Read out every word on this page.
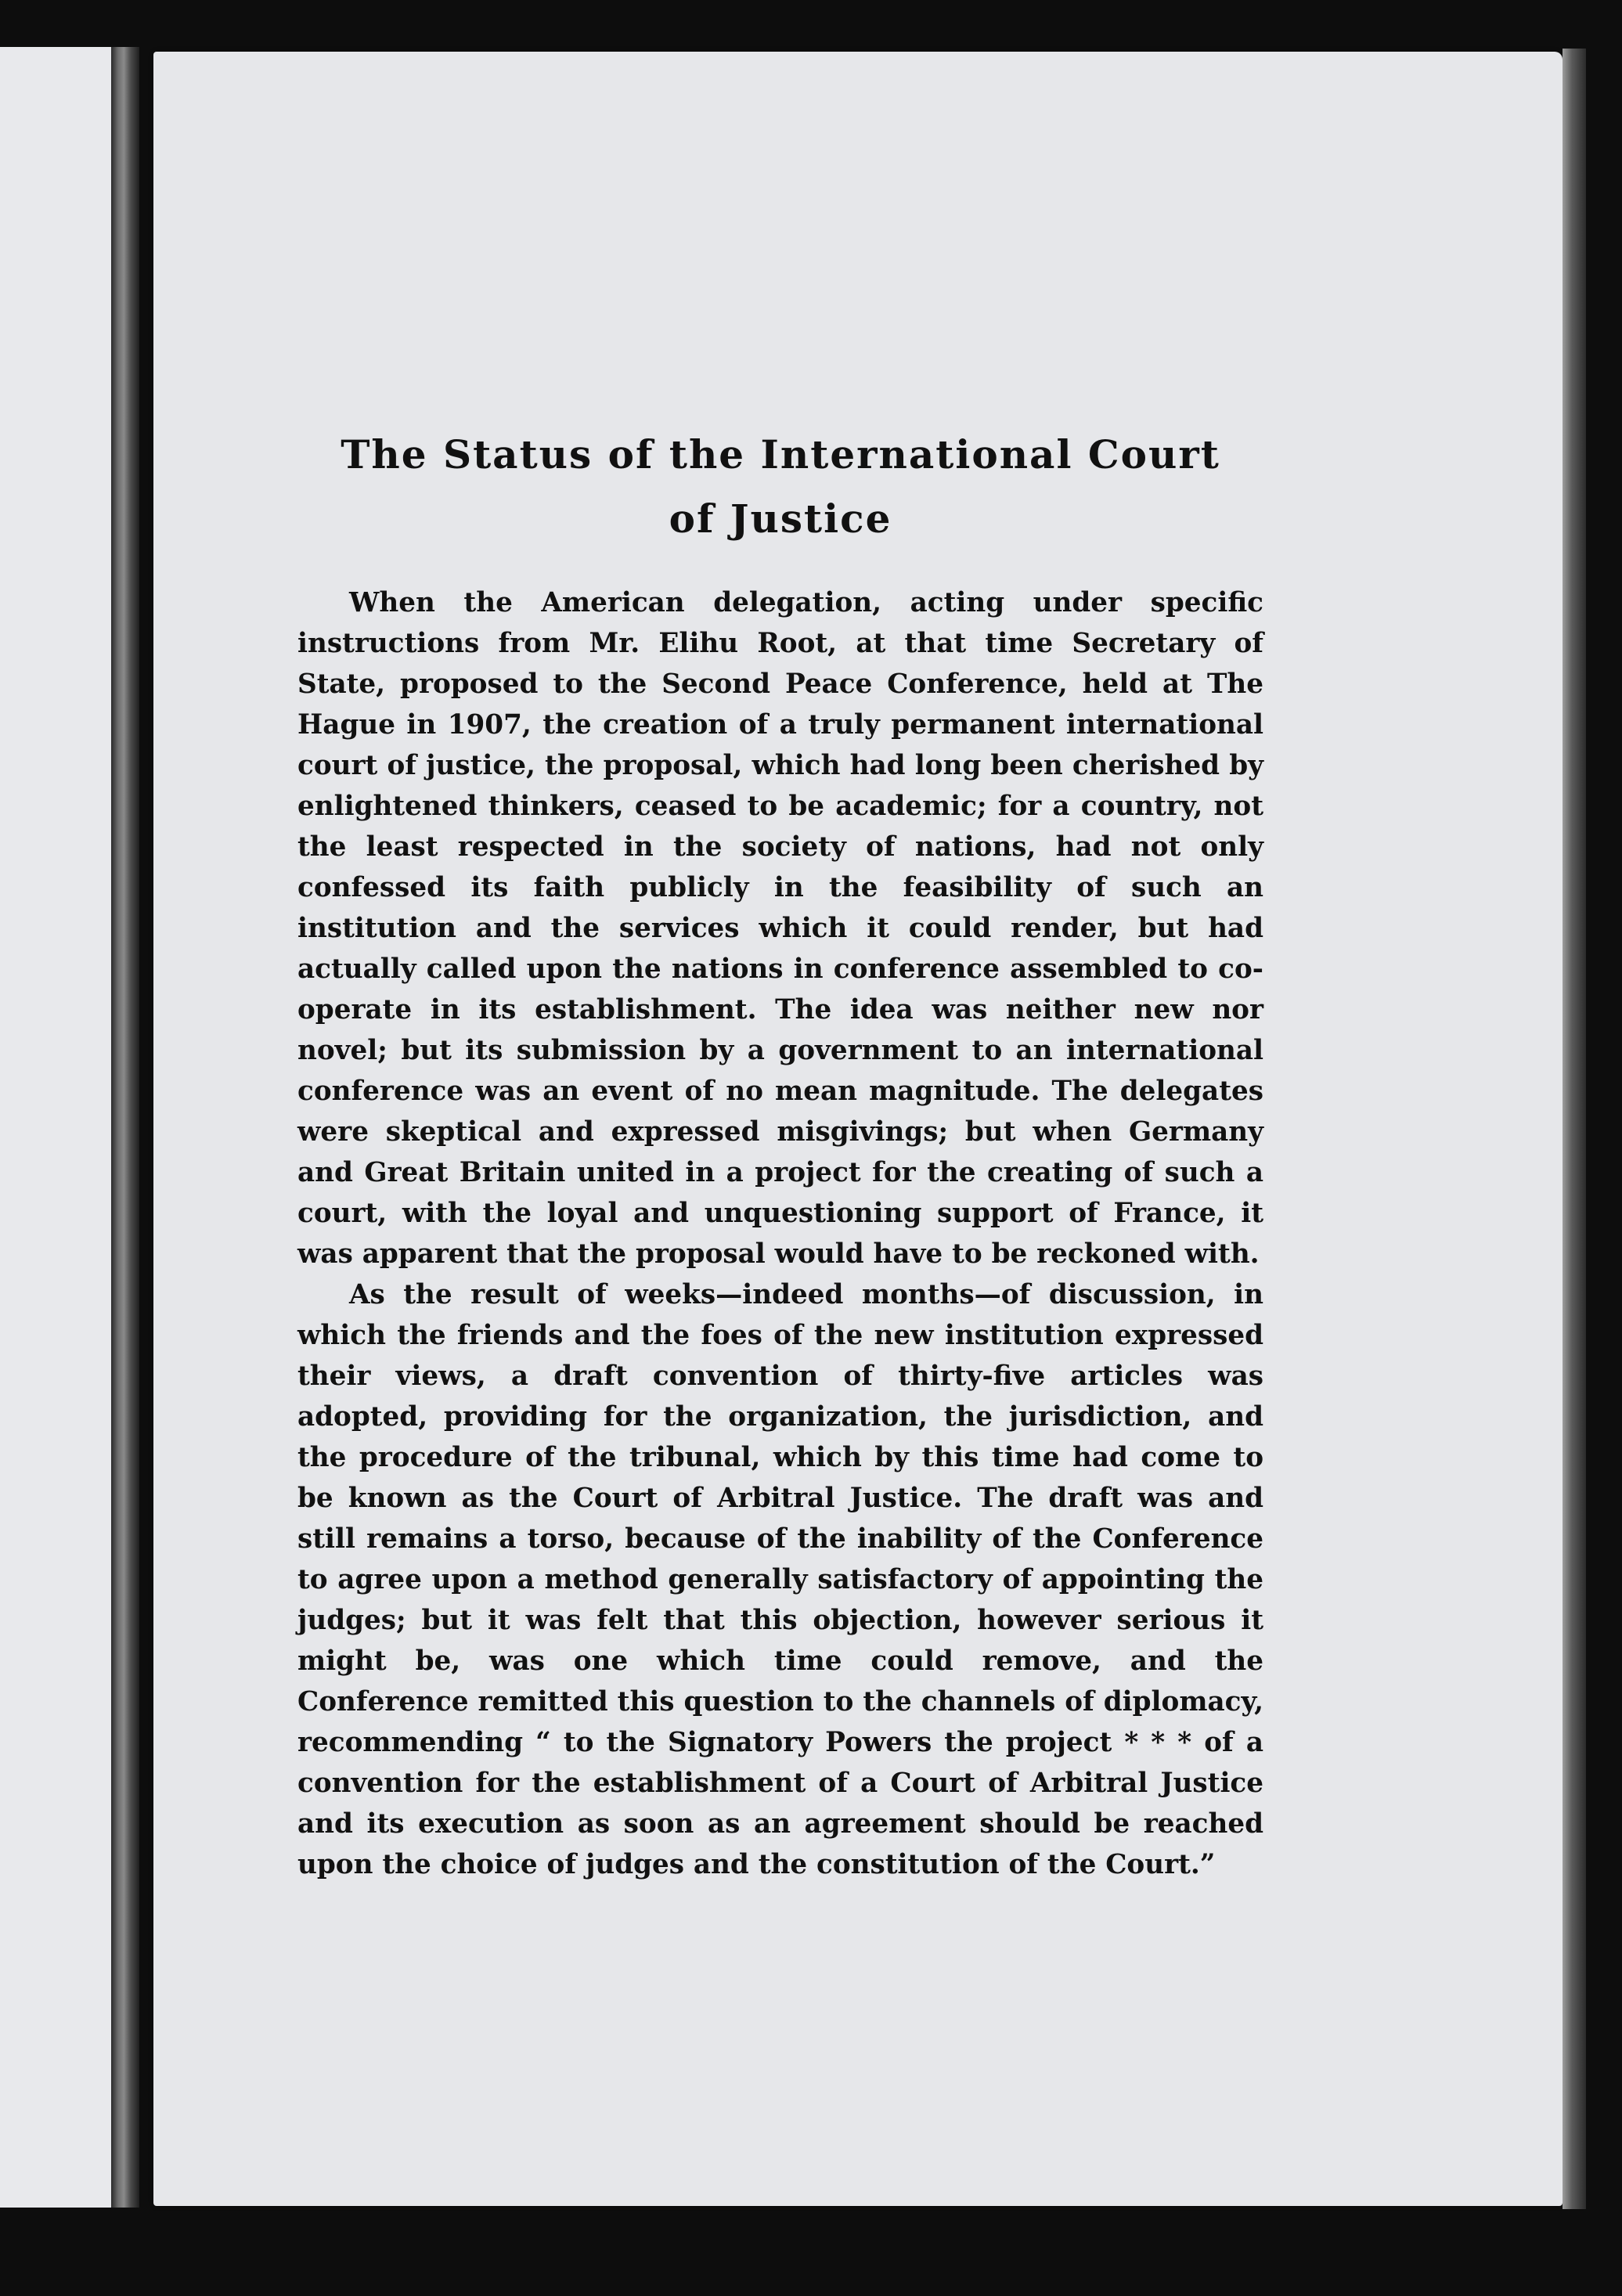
The Status of the International Court
of Justice

When the American delegation, acting under specific instructions from Mr. Elihu Root, at that time Secretary of State, proposed to the Second Peace Conference, held at The Hague in 1907, the creation of a truly permanent international court of justice, the proposal, which had long been cherished by enlightened thinkers, ceased to be academic; for a country, not the least respected in the society of nations, had not only confessed its faith publicly in the feasibility of such an institution and the services which it could render, but had actually called upon the nations in conference assembled to co-operate in its establishment. The idea was neither new nor novel; but its submission by a government to an international conference was an event of no mean magnitude. The delegates were skeptical and expressed misgivings; but when Germany and Great Britain united in a project for the creating of such a court, with the loyal and unquestioning support of France, it was apparent that the proposal would have to be reckoned with.

As the result of weeks—indeed months—of discussion, in which the friends and the foes of the new institution expressed their views, a draft convention of thirty-five articles was adopted, providing for the organization, the jurisdiction, and the procedure of the tribunal, which by this time had come to be known as the Court of Arbitral Justice. The draft was and still remains a torso, because of the inability of the Conference to agree upon a method generally satisfactory of appointing the judges; but it was felt that this objection, however serious it might be, was one which time could remove, and the Conference remitted this question to the channels of diplomacy, recommending “ to the Signatory Powers the project * * * of a convention for the establishment of a Court of Arbitral Justice and its execution as soon as an agreement should be reached upon the choice of judges and the constitution of the Court.”
